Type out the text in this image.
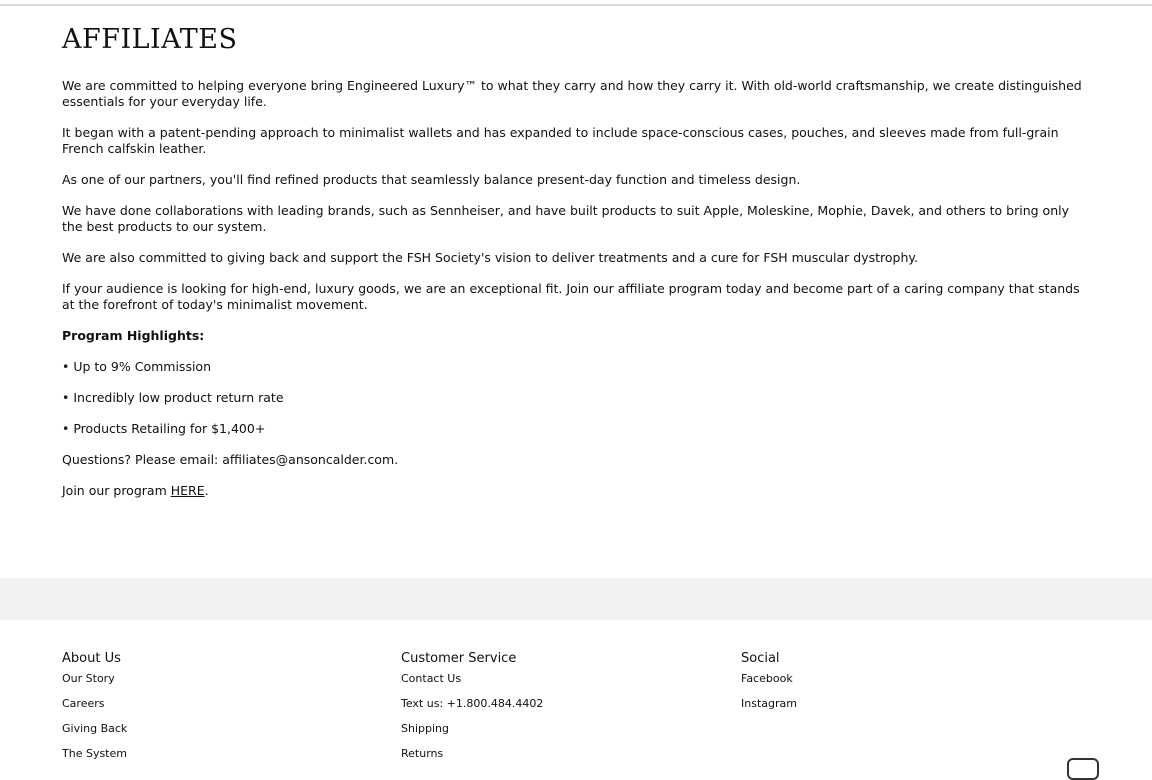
AFFILIATES

We are committed to helping everyone bring Engineered Luxury™ to what they carry and how they carry it. With old-world craftsmanship, we create distinguished essentials for your everyday life.

It began with a patent-pending approach to minimalist wallets and has expanded to include space-conscious cases, pouches, and sleeves made from full-grain French calfskin leather.

As one of our partners, you'll find refined products that seamlessly balance present-day function and timeless design.

We have done collaborations with leading brands, such as Sennheiser, and have built products to suit Apple, Moleskine, Mophie, Davek, and others to bring only the best products to our system.

We are also committed to giving back and support the FSH Society's vision to deliver treatments and a cure for FSH muscular dystrophy.

If your audience is looking for high-end, luxury goods, we are an exceptional fit. Join our affiliate program today and become part of a caring company that stands at the forefront of today's minimalist movement.

Program Highlights:

• Up to 9% Commission

• Incredibly low product return rate

• Products Retailing for $1,400+

Questions? Please email: affiliates@ansoncalder.com.

Join our program HERE.

About Us
Our Story
Careers
Giving Back
The System
Customer Service
Contact Us
Text us: +1.800.484.4402
Shipping
Returns
Social
Facebook
Instagram
